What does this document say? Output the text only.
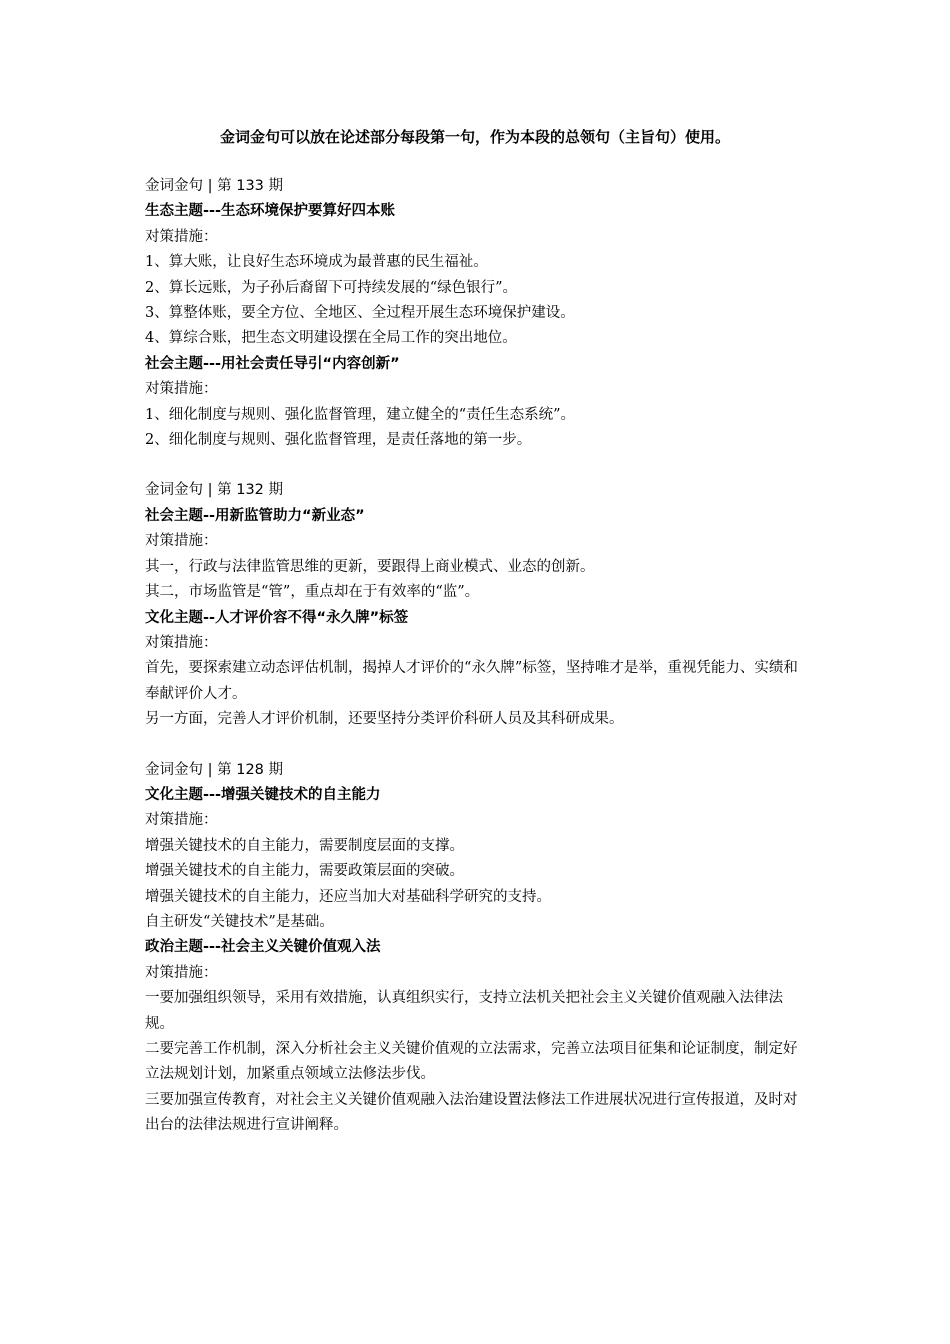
金词金句可以放在论述部分每段第一句，作为本段的总领句（主旨句）使用。

金词金句 | 第 133 期

生态主题---生态环境保护要算好四本账

对策措施：

1、算大账，让良好生态环境成为最普惠的民生福祉。

2、算长远账，为子孙后裔留下可持续发展的“绿色银行”。

3、算整体账，要全方位、全地区、全过程开展生态环境保护建设。

4、算综合账，把生态文明建设摆在全局工作的突出地位。

社会主题---用社会责任导引“内容创新”

对策措施：

1、细化制度与规则、强化监督管理，建立健全的“责任生态系统”。

2、细化制度与规则、强化监督管理，是责任落地的第一步。

金词金句 | 第 132 期

社会主题--用新监管助力“新业态”

对策措施：

其一，行政与法律监管思维的更新，要跟得上商业模式、业态的创新。

其二，市场监管是“管”，重点却在于有效率的“监”。

文化主题--人才评价容不得“永久牌”标签

对策措施：

首先，要探索建立动态评估机制，揭掉人才评价的“永久牌”标签，坚持唯才是举，重视凭能力、实绩和奉献评价人才。

另一方面，完善人才评价机制，还要坚持分类评价科研人员及其科研成果。

金词金句 | 第 128 期

文化主题---增强关键技术的自主能力

对策措施：

增强关键技术的自主能力，需要制度层面的支撑。

增强关键技术的自主能力，需要政策层面的突破。

增强关键技术的自主能力，还应当加大对基础科学研究的支持。

自主研发“关键技术”是基础。

政治主题---社会主义关键价值观入法

对策措施：

一要加强组织领导，采用有效措施，认真组织实行，支持立法机关把社会主义关键价值观融入法律法规。

二要完善工作机制，深入分析社会主义关键价值观的立法需求，完善立法项目征集和论证制度，制定好立法规划计划，加紧重点领域立法修法步伐。

三要加强宣传教育，对社会主义关键价值观融入法治建设置法修法工作进展状况进行宣传报道，及时对出台的法律法规进行宣讲阐释。
